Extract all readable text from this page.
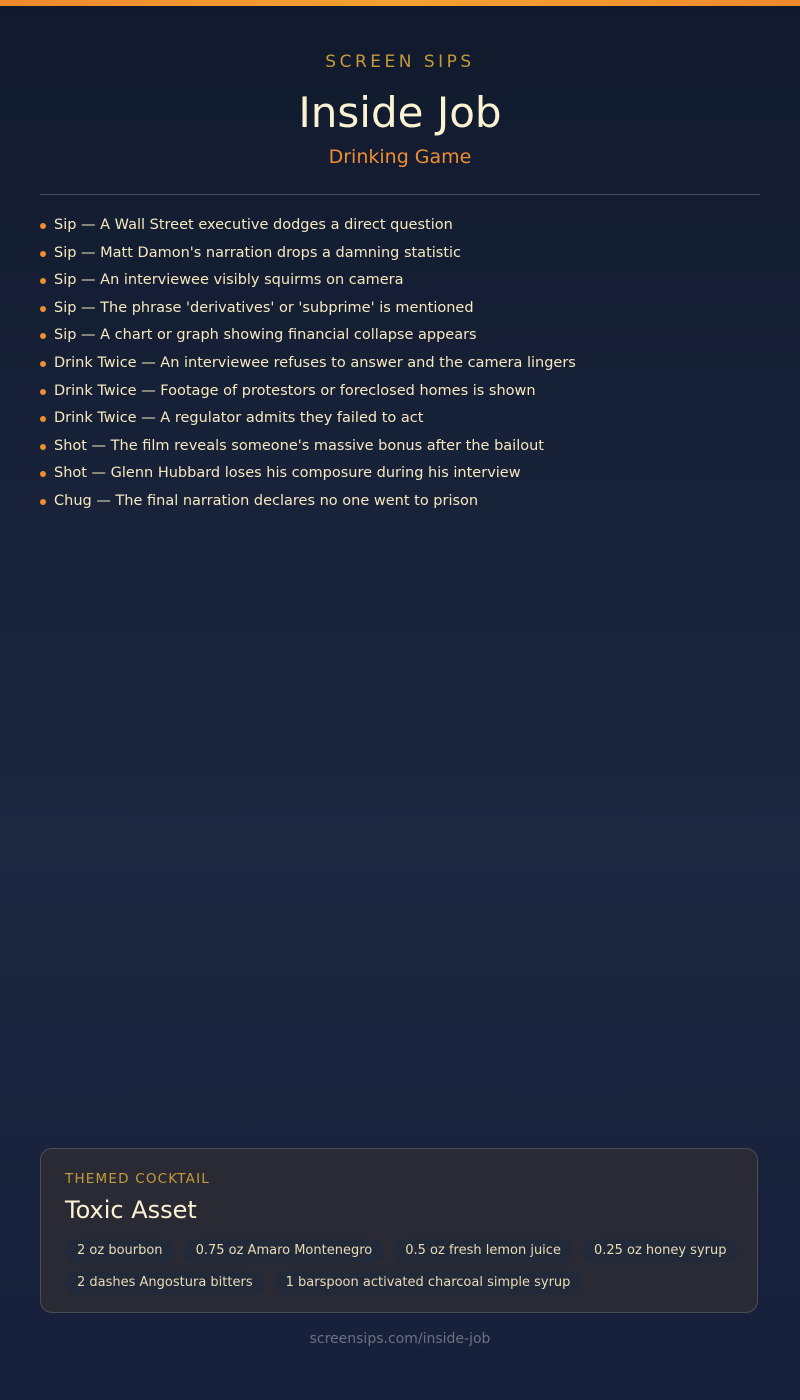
SCREEN SIPS
Inside Job
Drinking Game
Sip — A Wall Street executive dodges a direct question
Sip — Matt Damon's narration drops a damning statistic
Sip — An interviewee visibly squirms on camera
Sip — The phrase 'derivatives' or 'subprime' is mentioned
Sip — A chart or graph showing financial collapse appears
Drink Twice — An interviewee refuses to answer and the camera lingers
Drink Twice — Footage of protestors or foreclosed homes is shown
Drink Twice — A regulator admits they failed to act
Shot — The film reveals someone's massive bonus after the bailout
Shot — Glenn Hubbard loses his composure during his interview
Chug — The final narration declares no one went to prison
THEMED COCKTAIL
Toxic Asset
2 oz bourbon	0.75 oz Amaro Montenegro	0.5 oz fresh lemon juice	0.25 oz honey syrup
2 dashes Angostura bitters	1 barspoon activated charcoal simple syrup
screensips.com/inside-job
